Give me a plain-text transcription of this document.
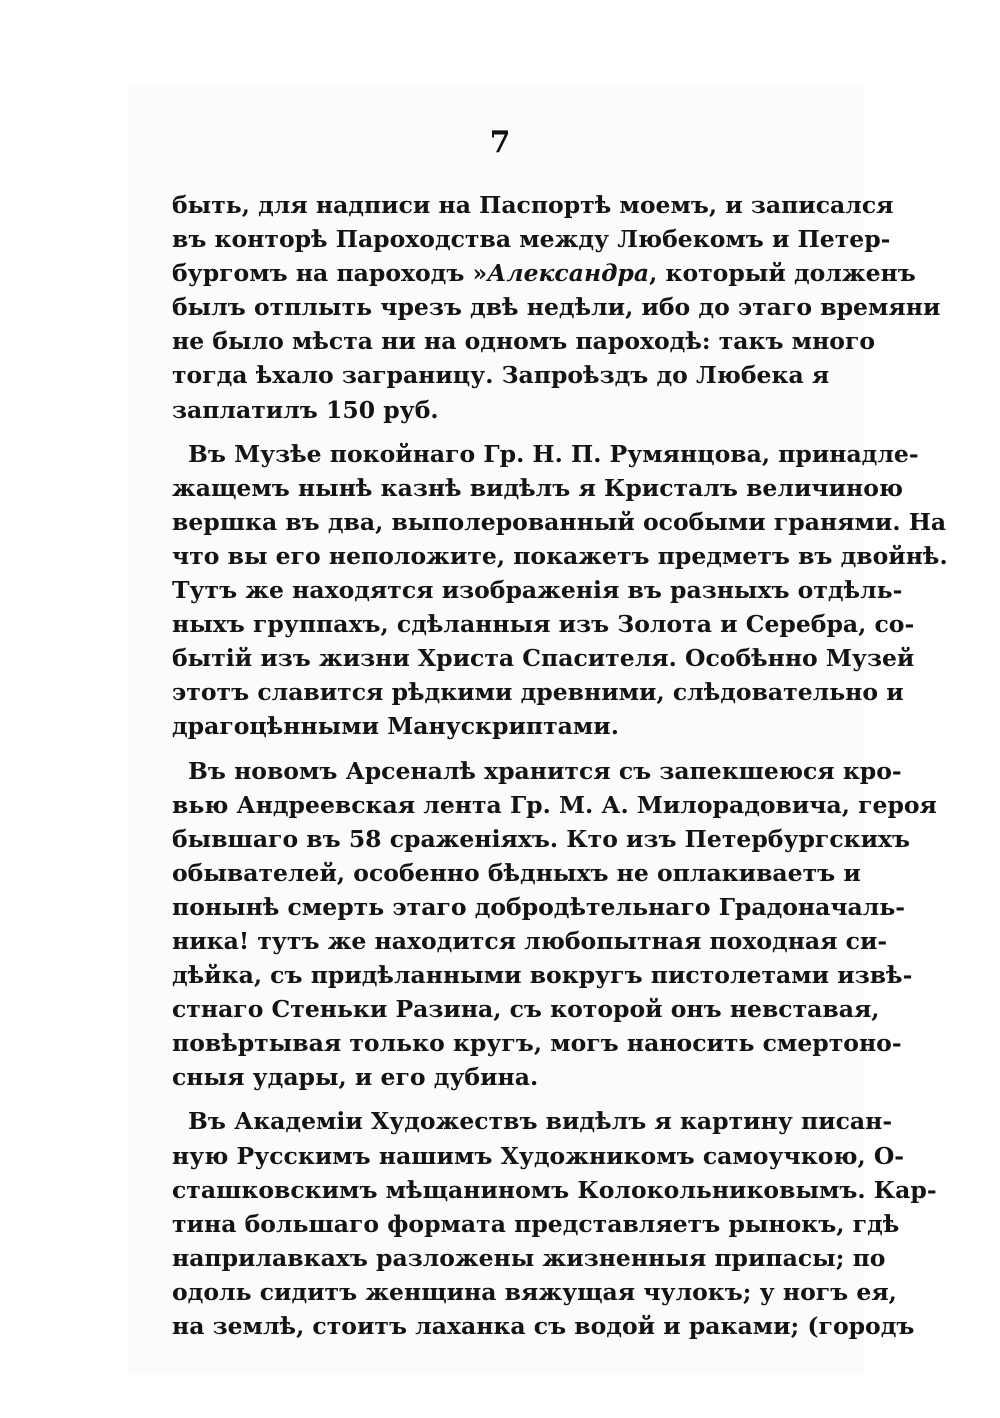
7
быть, для надписи на Паспортѣ моемъ, и записался
въ конторѣ Пароходства между Любекомъ и Петер-
бургомъ на пароходъ »Александра, который долженъ
былъ отплыть чрезъ двѣ недѣли, ибо до этаго времяни
не было мѣста ни на одномъ пароходѣ: такъ много
тогда ѣхало заграницу. Запроѣздъ до Любека я
заплатилъ 150 руб.
Въ Музѣе покойнаго Гр. Н. П. Румянцова, принадле-
жащемъ нынѣ казнѣ видѣлъ я Кристалъ величиною
вершка въ два, выполерованный особыми гранями. На
что вы его неположите, покажетъ предметъ въ двойнѣ.
Тутъ же находятся изображенія въ разныхъ отдѣль-
ныхъ группахъ, сдѣланныя изъ Золота и Серебра, со-
бытій изъ жизни Христа Спасителя. Особѣнно Музей
этотъ славится рѣдкими древними, слѣдовательно и
драгоцѣнными Манускриптами.
Въ новомъ Арсеналѣ хранится съ запекшеюся кро-
вью Андреевская лента Гр. М. А. Милорадовича, героя
бывшаго въ 58 сраженіяхъ. Кто изъ Петербургскихъ
обывателей, особенно бѣдныхъ не оплакиваетъ и
понынѣ смерть этаго добродѣтельнаго Градоначаль-
ника! тутъ же находится любопытная походная си-
дѣйка, съ придѣланными вокругъ пистолетами извѣ-
стнаго Стеньки Разина, съ которой онъ невставая,
повѣртывая только кругъ, могъ наносить смертоно-
сныя удары, и его дубина.
Въ Академіи Художествъ видѣлъ я картину писан-
ную Русскимъ нашимъ Художникомъ самоучкою, О-
сташковскимъ мѣщаниномъ Колокольниковымъ. Кар-
тина большаго формата представляетъ рынокъ, гдѣ
наприлавкахъ разложены жизненныя припасы; по
одоль сидитъ женщина вяжущая чулокъ; у ногъ ея,
на землѣ, стоитъ лаханка съ водой и раками; (городъ
